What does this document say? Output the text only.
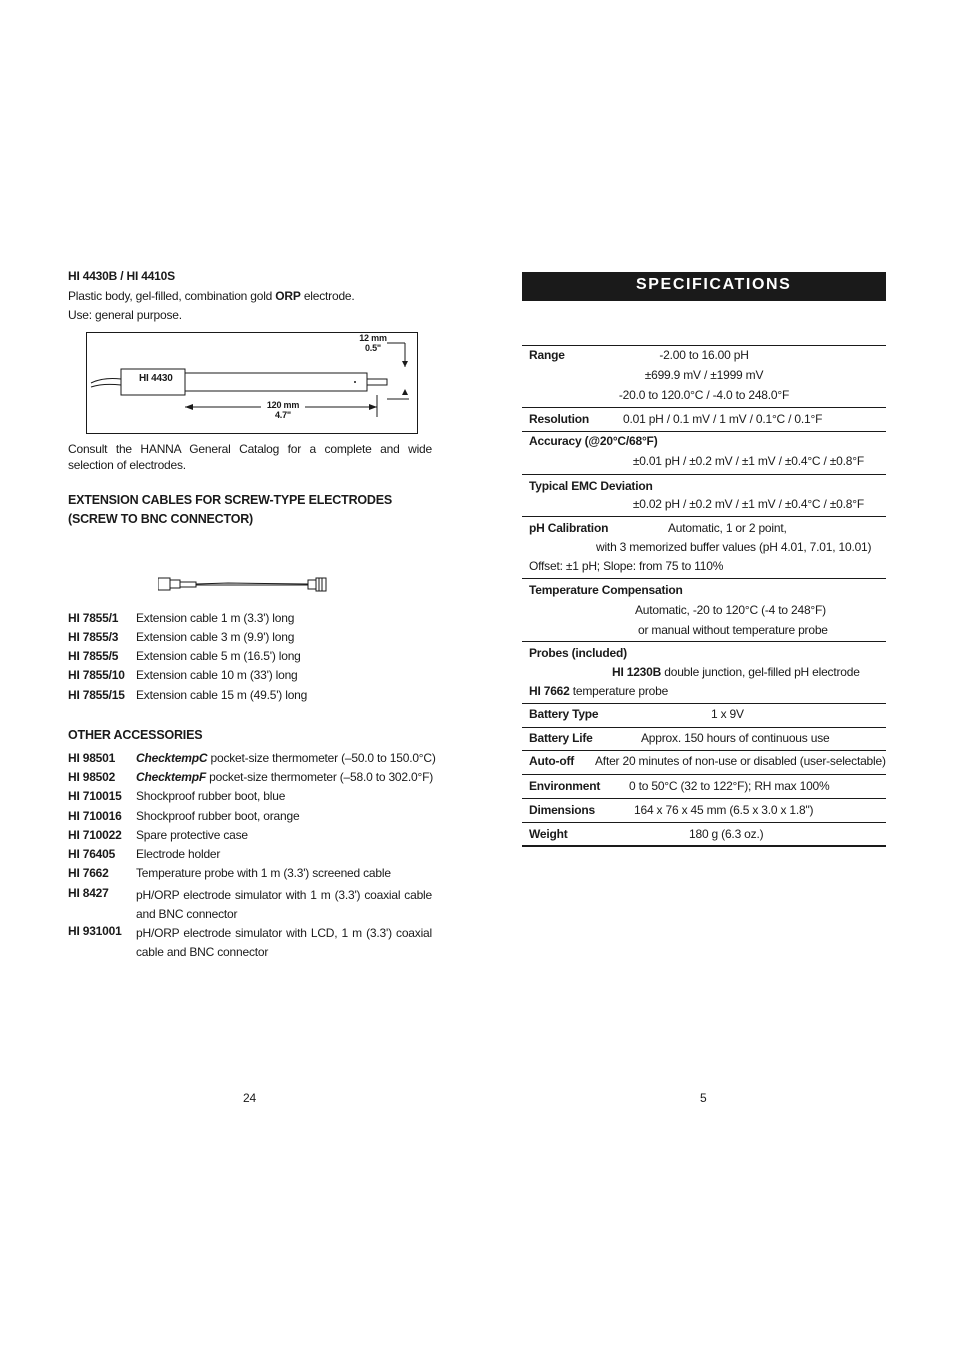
HI 4430B / HI 4410S
Plastic body, gel-filled, combination gold ORP electrode.
Use: general purpose.
HI 4430
12 mm
0.5"
120 mm
4.7"
Consult the HANNA General Catalog for a complete and wide selection of electrodes.
EXTENSION CABLES FOR SCREW-TYPE ELECTRODES (SCREW TO BNC CONNECTOR)
HI 7855/1 Extension cable 1 m (3.3') long
HI 7855/3 Extension cable 3 m (9.9') long
HI 7855/5 Extension cable 5 m (16.5') long
HI 7855/10 Extension cable 10 m (33') long
HI 7855/15 Extension cable 15 m (49.5') long
OTHER ACCESSORIES
HI 98501 ChecktempC pocket-size thermometer (–50.0 to 150.0°C)
HI 98502 ChecktempF pocket-size thermometer (–58.0 to 302.0°F)
HI 710015 Shockproof rubber boot, blue
HI 710016 Shockproof rubber boot, orange
HI 710022 Spare protective case
HI 76405 Electrode holder
HI 7662 Temperature probe with 1 m (3.3') screened cable
HI 8427 pH/ORP electrode simulator with 1 m (3.3') coaxial cable and BNC connector
HI 931001 pH/ORP electrode simulator with LCD, 1 m (3.3') coaxial cable and BNC connector
24
SPECIFICATIONS
Range	-2.00 to 16.00 pH
±699.9 mV / ±1999 mV
-20.0 to 120.0°C / -4.0 to 248.0°F
Resolution	0.01 pH / 0.1 mV / 1 mV / 0.1°C / 0.1°F
Accuracy (@20°C/68°F)
±0.01 pH / ±0.2 mV / ±1 mV / ±0.4°C / ±0.8°F
Typical EMC Deviation
±0.02 pH / ±0.2 mV / ±1 mV / ±0.4°C / ±0.8°F
pH Calibration	Automatic, 1 or 2 point,
with 3 memorized buffer values (pH 4.01, 7.01, 10.01)
Offset: ±1 pH; Slope: from 75 to 110%
Temperature Compensation
Automatic, -20 to 120°C (-4 to 248°F)
or manual without temperature probe
Probes (included)
HI 1230B double junction, gel-filled pH electrode
HI 7662 temperature probe
Battery Type	1 x 9V
Battery Life	Approx. 150 hours of continuous use
Auto-off After 20 minutes of non-use or disabled (user-selectable)
Environment 0 to 50°C (32 to 122°F); RH max 100%
Dimensions	164 x 76 x 45 mm (6.5 x 3.0 x 1.8")
Weight	180 g (6.3 oz.)
5
